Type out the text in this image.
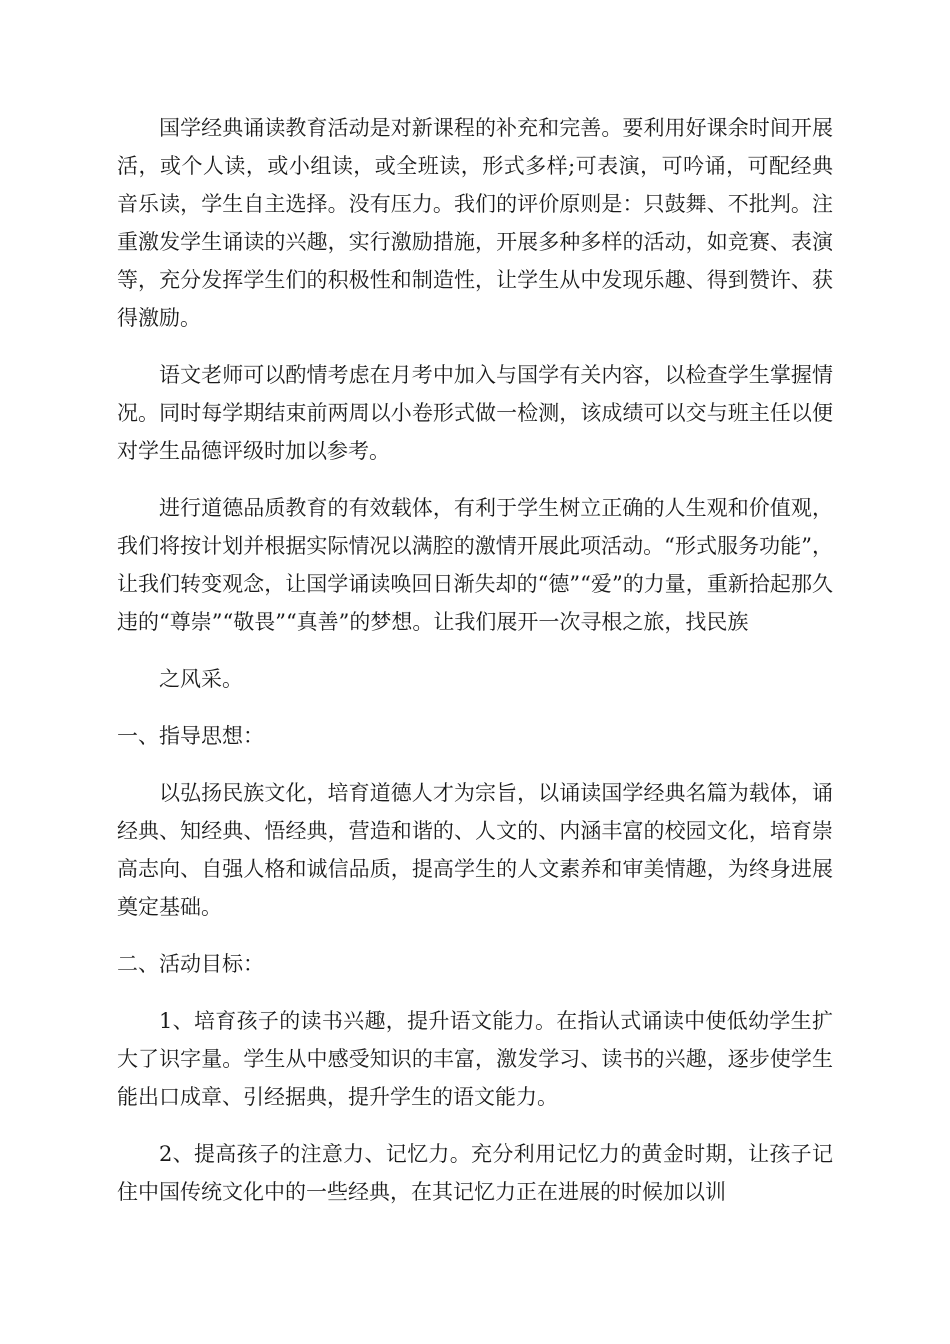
国学经典诵读教育活动是对新课程的补充和完善。要利用好课余时间开展活，或个人读，或小组读，或全班读，形式多样;可表演，可吟诵，可配经典音乐读，学生自主选择。没有压力。我们的评价原则是：只鼓舞、不批判。注重激发学生诵读的兴趣，实行激励措施，开展多种多样的活动，如竞赛、表演等，充分发挥学生们的积极性和制造性，让学生从中发现乐趣、得到赞许、获得激励。

语文老师可以酌情考虑在月考中加入与国学有关内容，以检查学生掌握情况。同时每学期结束前两周以小卷形式做一检测，该成绩可以交与班主任以便对学生品德评级时加以参考。

进行道德品质教育的有效载体，有利于学生树立正确的人生观和价值观，我们将按计划并根据实际情况以满腔的激情开展此项活动。“形式服务功能”，让我们转变观念，让国学诵读唤回日渐失却的“德”“爱”的力量，重新拾起那久违的“尊崇”“敬畏”“真善”的梦想。让我们展开一次寻根之旅，找民族

之风采。

一、指导思想：

以弘扬民族文化，培育道德人才为宗旨，以诵读国学经典名篇为载体，诵经典、知经典、悟经典，营造和谐的、人文的、内涵丰富的校园文化，培育崇高志向、自强人格和诚信品质，提高学生的人文素养和审美情趣，为终身进展奠定基础。

二、活动目标：

1、培育孩子的读书兴趣，提升语文能力。在指认式诵读中使低幼学生扩大了识字量。学生从中感受知识的丰富，激发学习、读书的兴趣，逐步使学生能出口成章、引经据典，提升学生的语文能力。

2、提高孩子的注意力、记忆力。充分利用记忆力的黄金时期，让孩子记住中国传统文化中的一些经典，在其记忆力正在进展的时候加以训
